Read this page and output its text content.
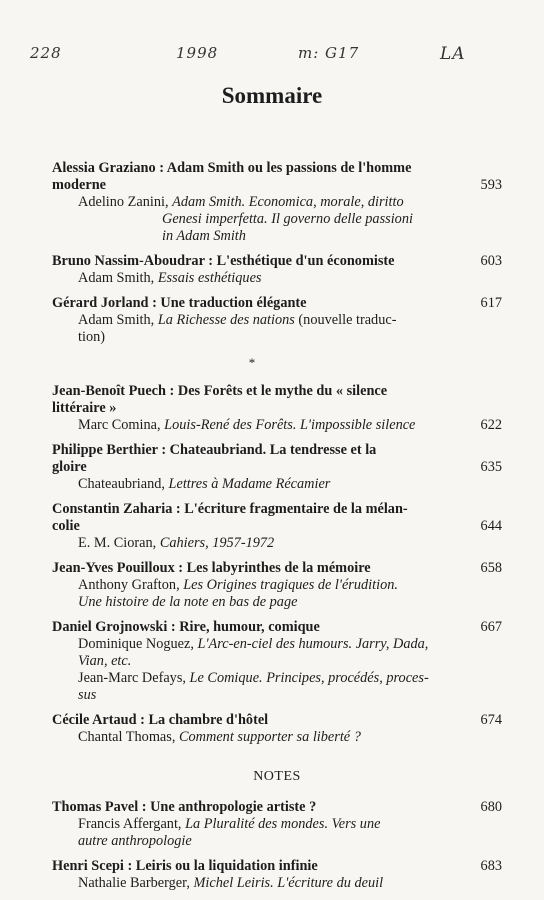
228	1998	m: G17	LA
Sommaire
Alessia Graziano : Adam Smith ou les passions de l'homme
moderne	593
Adelino Zanini, Adam Smith. Economica, morale, diritto
Genesi imperfetta. Il governo delle passioni
in Adam Smith
Bruno Nassim-Aboudrar : L'esthétique d'un économiste	603
Adam Smith, Essais esthétiques
Gérard Jorland : Une traduction élégante	617
Adam Smith, La Richesse des nations (nouvelle traduc-
tion)
*
Jean-Benoît Puech : Des Forêts et le mythe du « silence
littéraire »
Marc Comina, Louis-René des Forêts. L'impossible silence	622
Philippe Berthier : Chateaubriand. La tendresse et la
gloire	635
Chateaubriand, Lettres à Madame Récamier
Constantin Zaharia : L'écriture fragmentaire de la mélan-
colie	644
E. M. Cioran, Cahiers, 1957-1972
Jean-Yves Pouilloux : Les labyrinthes de la mémoire	658
Anthony Grafton, Les Origines tragiques de l'érudition.
Une histoire de la note en bas de page
Daniel Grojnowski : Rire, humour, comique	667
Dominique Noguez, L'Arc-en-ciel des humours. Jarry, Dada,
Vian, etc.
Jean-Marc Defays, Le Comique. Principes, procédés, proces-
sus
Cécile Artaud : La chambre d'hôtel	674
Chantal Thomas, Comment supporter sa liberté ?
NOTES
Thomas Pavel : Une anthropologie artiste ?	680
Francis Affergant, La Pluralité des mondes. Vers une
autre anthropologie
Henri Scepi : Leiris ou la liquidation infinie	683
Nathalie Barberger, Michel Leiris. L'écriture du deuil
